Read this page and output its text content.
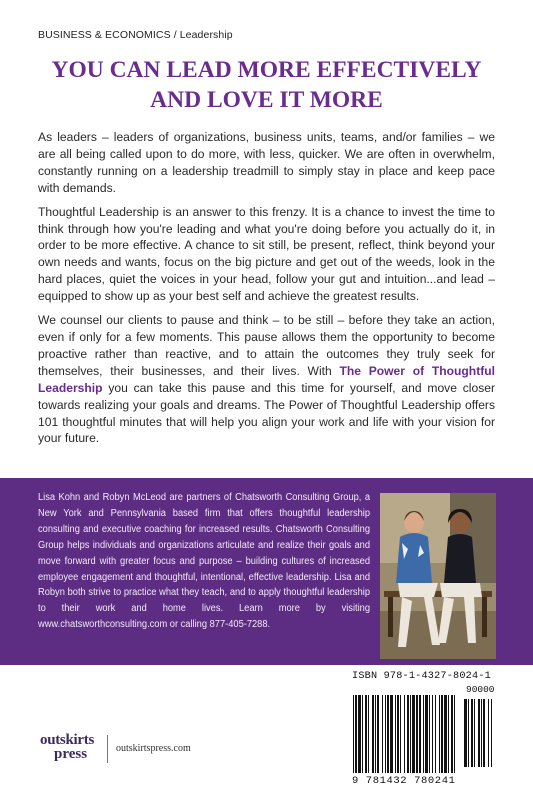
BUSINESS & ECONOMICS / Leadership
YOU CAN LEAD MORE EFFECTIVELY
AND LOVE IT MORE

As leaders – leaders of organizations, business units, teams, and/or families – we are all being called upon to do more, with less, quicker. We are often in overwhelm, constantly running on a leadership treadmill to simply stay in place and keep pace with demands.

Thoughtful Leadership is an answer to this frenzy. It is a chance to invest the time to think through how you're leading and what you're doing before you actually do it, in order to be more effective. A chance to sit still, be present, reflect, think beyond your own needs and wants, focus on the big picture and get out of the weeds, look in the hard places, quiet the voices in your head, follow your gut and intuition...and lead – equipped to show up as your best self and achieve the greatest results.

We counsel our clients to pause and think – to be still – before they take an action, even if only for a few moments. This pause allows them the opportunity to become proactive rather than reactive, and to attain the outcomes they truly seek for themselves, their businesses, and their lives. With The Power of Thoughtful Leadership you can take this pause and this time for yourself, and move closer towards realizing your goals and dreams. The Power of Thoughtful Leadership offers 101 thoughtful minutes that will help you align your work and life with your vision for your future.

Lisa Kohn and Robyn McLeod are partners of Chatsworth Consulting Group, a New York and Pennsylvania based firm that offers thoughtful leadership consulting and executive coaching for increased results. Chatsworth Consulting Group helps individuals and organizations articulate and realize their goals and move forward with greater focus and purpose – building cultures of increased employee engagement and thoughtful, intentional, effective leadership. Lisa and Robyn both strive to practice what they teach, and to apply thoughtful leadership to their work and home lives. Learn more by visiting www.chatsworthconsulting.com or calling 877-405-7288.
outskirts
press	outskirtspress.com
ISBN 978-1-4327-8024-1
90000
9 781432 780241
